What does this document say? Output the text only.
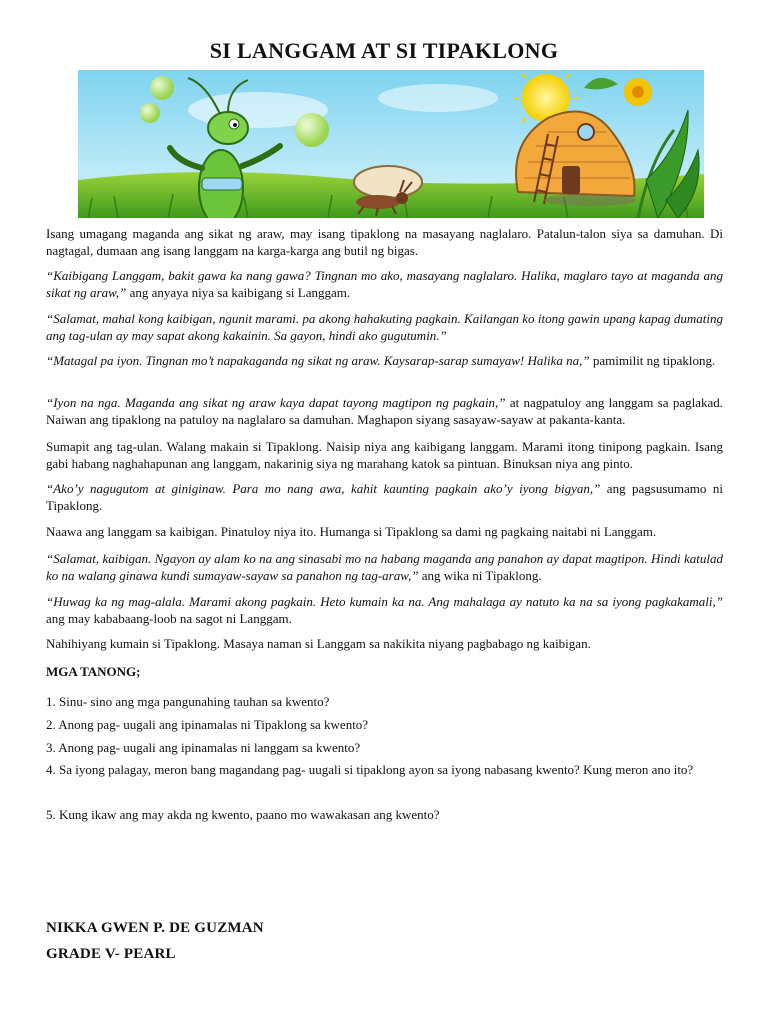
SI LANGGAM AT SI TIPAKLONG
Isang umagang maganda ang sikat ng araw, may isang tipaklong na masayang naglalaro. Patalun-talon siya sa damuhan. Di nagtagal, dumaan ang isang langgam na karga-karga ang butil ng bigas.
“Kaibigang Langgam, bakit gawa ka nang gawa? Tingnan mo ako, masayang naglalaro. Halika, maglaro tayo at maganda ang sikat ng araw,” ang anyaya niya sa kaibigang si Langgam.
“Salamat, mahal kong kaibigan, ngunit marami. pa akong hahakuting pagkain. Kailangan ko itong gawin upang kapag dumating ang tag-ulan ay may sapat akong kakainin. Sa gayon, hindi ako gugutumin.”
“Matagal pa iyon. Tingnan mo’t napakaganda ng sikat ng araw. Kaysarap-sarap sumayaw! Halika na,” pamimilit ng tipaklong.
“Iyon na nga. Maganda ang sikat ng araw kaya dapat tayong magtipon ng pagkain,” at nagpatuloy ang langgam sa paglakad. Naiwan ang tipaklong na patuloy na naglalaro sa damuhan. Maghapon siyang sasayaw-sayaw at pakanta-kanta.
Sumapit ang tag-ulan. Walang makain si Tipaklong. Naisip niya ang kaibigang langgam. Marami itong tinipong pagkain. Isang gabi habang naghahapunan ang langgam, nakarinig siya ng marahang katok sa pintuan. Binuksan niya ang pinto.
“Ako’y nagugutom at giniginaw. Para mo nang awa, kahit kaunting pagkain ako’y iyong bigyan,” ang pagsusumamo ni Tipaklong.
Naawa ang langgam sa kaibigan. Pinatuloy niya ito. Humanga si Tipaklong sa dami ng pagkaing naitabi ni Langgam.
“Salamat, kaibigan. Ngayon ay alam ko na ang sinasabi mo na habang maganda ang panahon ay dapat magtipon. Hindi katulad ko na walang ginawa kundi sumayaw-sayaw sa panahon ng tag-araw,” ang wika ni Tipaklong.
“Huwag ka ng mag-alala. Marami akong pagkain. Heto kumain ka na. Ang mahalaga ay natuto ka na sa iyong pagkakamali,” ang may kababaang-loob na sagot ni Langgam.
Nahihiyang kumain si Tipaklong. Masaya naman si Langgam sa nakikita niyang pagbabago ng kaibigan.
MGA TANONG;
1. Sinu- sino ang mga pangunahing tauhan sa kwento?
2. Anong pag- uugali ang ipinamalas ni Tipaklong sa kwento?
3. Anong pag- uugali ang ipinamalas ni langgam sa kwento?
4. Sa iyong palagay, meron bang magandang pag- uugali si tipaklong ayon sa iyong nabasang kwento? Kung meron ano ito?
5. Kung ikaw ang may akda ng kwento, paano mo wawakasan ang kwento?
NIKKA GWEN P. DE GUZMAN
GRADE V- PEARL
